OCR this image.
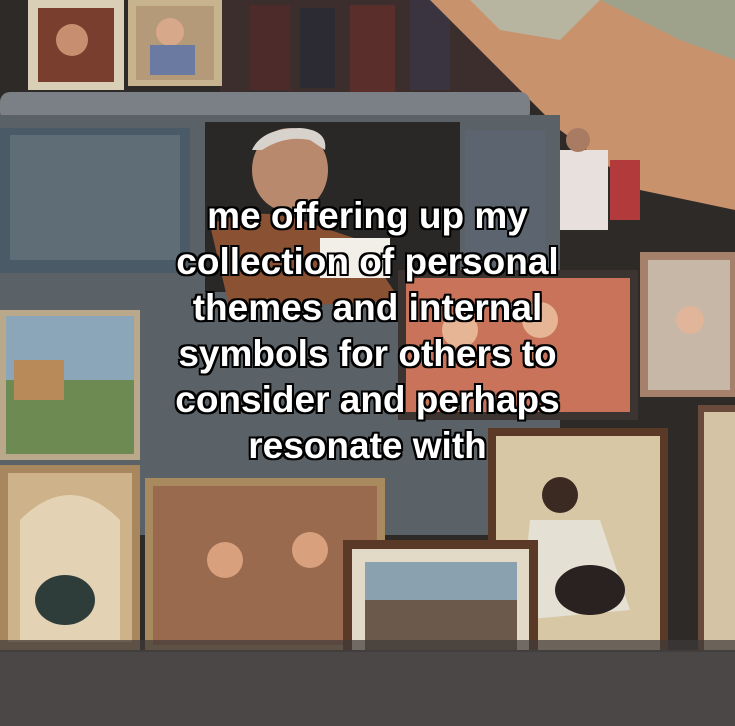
me offering up my
collection of personal
themes and internal
symbols for others to
consider and perhaps
resonate with
